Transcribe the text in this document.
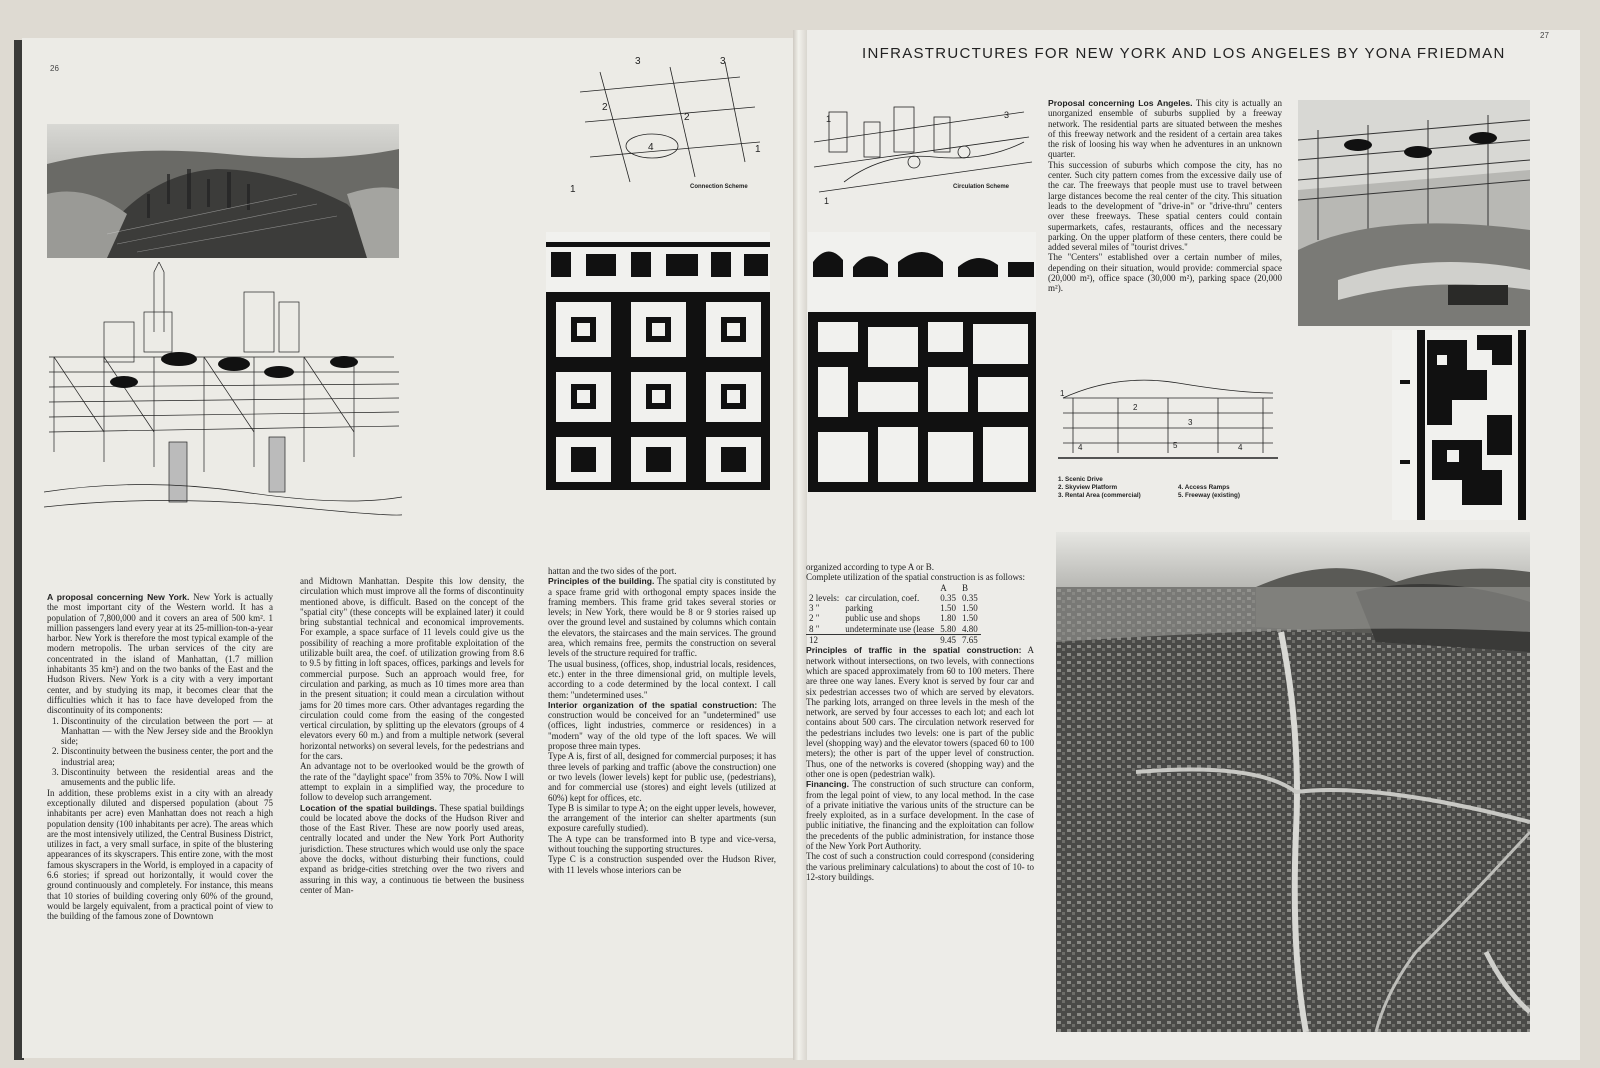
26
27
INFRASTRUCTURES FOR NEW YORK AND LOS ANGELES BY YONA FRIEDMAN
4
3	3
1
1
2
2
Connection Scheme
1	3
1
Circulation Scheme
1
2
3
4	5	4
1. Scenic Drive
2. Skyview Platform
3. Rental Area (commercial)
4. Access Ramps
5. Freeway (existing)

A proposal concerning New York. New York is actually the most important city of the Western world. It has a population of 7,800,000 and it covers an area of 500 km². 1 million passengers land every year at its 25-million-ton-a-year harbor. New York is therefore the most typical example of the modern metropolis. The urban services of the city are concentrated in the island of Manhattan, (1.7 million inhabitants 35 km²) and on the two banks of the East and the Hudson Rivers. New York is a city with a very important center, and by studying its map, it becomes clear that the difficulties which it has to face have developed from the discontinuity of its components:

1. Discontinuity of the circulation between the port — at Manhattan — with the New Jersey side and the Brooklyn side;
2. Discontinuity between the business center, the port and the industrial area;
3. Discontinuity between the residential areas and the amusements and the public life.

In addition, these problems exist in a city with an already exceptionally diluted and dispersed population (about 75 inhabitants per acre) even Manhattan does not reach a high population density (100 inhabitants per acre). The areas which are the most intensively utilized, the Central Business District, utilizes in fact, a very small surface, in spite of the blustering appearances of its skyscrapers. This entire zone, with the most famous skyscrapers in the World, is employed in a capacity of 6.6 stories; if spread out horizontally, it would cover the ground continuously and completely. For instance, this means that 10 stories of building covering only 60% of the ground, would be largely equivalent, from a practical point of view to the building of the famous zone of Downtown

and Midtown Manhattan. Despite this low density, the circulation which must improve all the forms of discontinuity mentioned above, is difficult. Based on the concept of the "spatial city" (these concepts will be explained later) it could bring substantial technical and economical improvements. For example, a space surface of 11 levels could give us the possibility of reaching a more profitable exploitation of the utilizable built area, the coef. of utilization growing from 8.6 to 9.5 by fitting in loft spaces, offices, parkings and levels for commercial purpose. Such an approach would free, for circulation and parking, as much as 10 times more area than in the present situation; it could mean a circulation without jams for 20 times more cars. Other advantages regarding the circulation could come from the easing of the congested vertical circulation, by splitting up the elevators (groups of 4 elevators every 60 m.) and from a multiple network (several horizontal networks) on several levels, for the pedestrians and for the cars.

An advantage not to be overlooked would be the growth of the rate of the "daylight space" from 35% to 70%. Now I will attempt to explain in a simplified way, the procedure to follow to develop such arrangement.

Location of the spatial buildings. These spatial buildings could be located above the docks of the Hudson River and those of the East River. These are now poorly used areas, centrally located and under the New York Port Authority jurisdiction. These structures which would use only the space above the docks, without disturbing their functions, could expand as bridge-cities stretching over the two rivers and assuring in this way, a continuous tie between the business center of Man-

hattan and the two sides of the port.

Principles of the building. The spatial city is constituted by a space frame grid with orthogonal empty spaces inside the framing members. This frame grid takes several stories or levels; in New York, there would be 8 or 9 stories raised up over the ground level and sustained by columns which contain the elevators, the staircases and the main services. The ground area, which remains free, permits the construction on several levels of the structure required for traffic.

The usual business, (offices, shop, industrial locals, residences, etc.) enter in the three dimensional grid, on multiple levels, according to a code determined by the local context. I call them: "undetermined uses."

Interior organization of the spatial construction: The construction would be conceived for an "undetermined" use (offices, light industries, commerce or residences) in a "modern" way of the old type of the loft spaces. We will propose three main types.

Type A is, first of all, designed for commercial purposes; it has three levels of parking and traffic (above the construction) one or two levels (lower levels) kept for public use, (pedestrians), and for commercial use (stores) and eight levels (utilized at 60%) kept for offices, etc.

Type B is similar to type A; on the eight upper levels, however, the arrangement of the interior can shelter apartments (sun exposure carefully studied).

The A type can be transformed into B type and vice-versa, without touching the supporting structures.

Type C is a construction suspended over the Hudson River, with 11 levels whose interiors can be

organized according to type A or B.

Complete utilization of the spatial construction is as follows:

		A	B
2 levels:	car circulation, coef.	0.35	0.35
3 "	parking	1.50	1.50
2 "	public use and shops	1.80	1.50
8 "	undeterminate use (lease	5.80	4.80
12		9.45	7.65

Principles of traffic in the spatial construction: A network without intersections, on two levels, with connections which are spaced approximately from 60 to 100 meters. There are three one way lanes. Every knot is served by four car and six pedestrian accesses two of which are served by elevators. The parking lots, arranged on three levels in the mesh of the network, are served by four accesses to each lot; and each lot contains about 500 cars. The circulation network reserved for the pedestrians includes two levels: one is part of the public level (shopping way) and the elevator towers (spaced 60 to 100 meters); the other is part of the upper level of construction. Thus, one of the networks is covered (shopping way) and the other one is open (pedestrian walk).

Financing. The construction of such structure can conform, from the legal point of view, to any local method. In the case of a private initiative the various units of the structure can be freely exploited, as in a surface development. In the case of public initiative, the financing and the exploitation can follow the precedents of the public administration, for instance those of the New York Port Authority.

The cost of such a construction could correspond (considering the various preliminary calculations) to about the cost of 10- to 12-story buildings.

Proposal concerning Los Angeles. This city is actually an unorganized ensemble of suburbs supplied by a freeway network. The residential parts are situated between the meshes of this freeway network and the resident of a certain area takes the risk of loosing his way when he adventures in an unknown quarter.

This succession of suburbs which compose the city, has no center. Such city pattern comes from the excessive daily use of the car. The freeways that people must use to travel between large distances become the real center of the city. This situation leads to the development of "drive-in" or "drive-thru" centers over these freeways. These spatial centers could contain supermarkets, cafes, restaurants, offices and the necessary parking. On the upper platform of these centers, there could be added several miles of "tourist drives."

The "Centers" established over a certain number of miles, depending on their situation, would provide: commercial space (20,000 m²), office space (30,000 m²), parking space (20,000 m²).
